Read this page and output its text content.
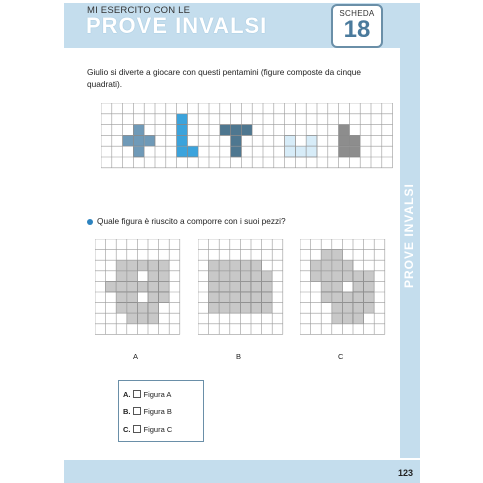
MI ESERCITO CON LE
PROVE INVALSI	SCHEDA
18
PROVE INVALSI
Giulio si diverte a giocare con questi pentamini (figure composte da cinque quadrati).
Quale figura è riuscito a comporre con i suoi pezzi?
A	B	C
A. Figura A
B. Figura B
C. Figura C
123
